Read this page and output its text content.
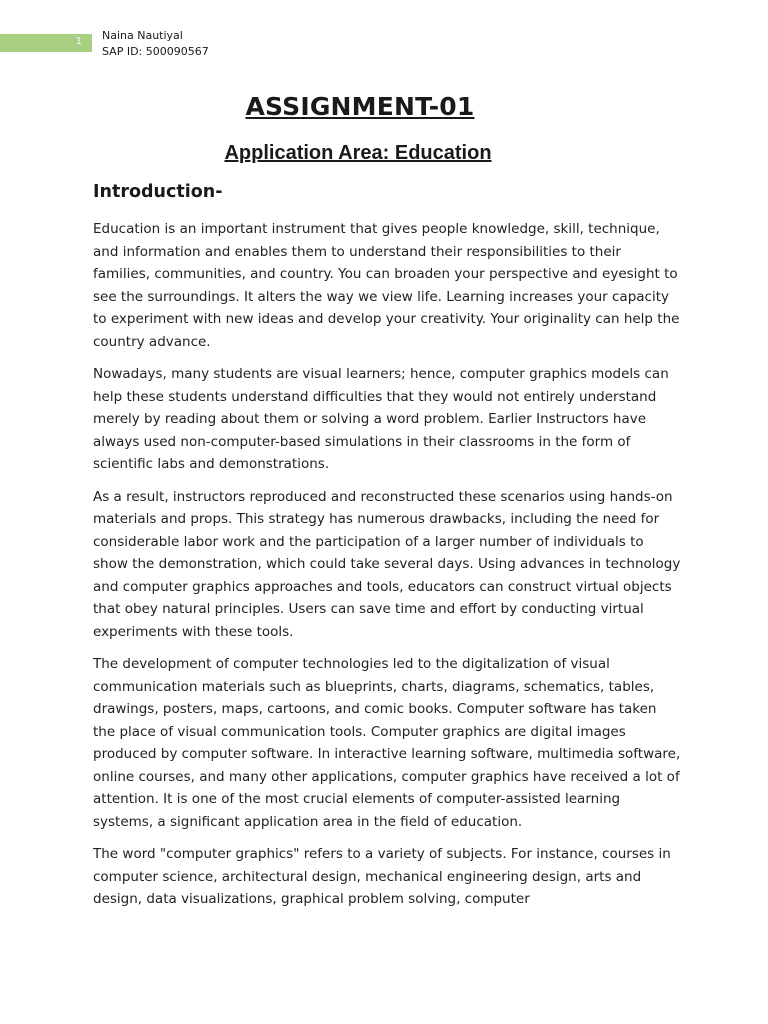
1 Naina Nautiyal
SAP ID: 500090567
ASSIGNMENT-01
Application Area: Education
Introduction-

Education is an important instrument that gives people knowledge, skill, technique, and information and enables them to understand their responsibilities to their families, communities, and country. You can broaden your perspective and eyesight to see the surroundings. It alters the way we view life. Learning increases your capacity to experiment with new ideas and develop your creativity. Your originality can help the country advance.

Nowadays, many students are visual learners; hence, computer graphics models can help these students understand difficulties that they would not entirely understand merely by reading about them or solving a word problem. Earlier Instructors have always used non-computer-based simulations in their classrooms in the form of scientific labs and demonstrations.

As a result, instructors reproduced and reconstructed these scenarios using hands-on materials and props. This strategy has numerous drawbacks, including the need for considerable labor work and the participation of a larger number of individuals to show the demonstration, which could take several days. Using advances in technology and computer graphics approaches and tools, educators can construct virtual objects that obey natural principles. Users can save time and effort by conducting virtual experiments with these tools.

The development of computer technologies led to the digitalization of visual communication materials such as blueprints, charts, diagrams, schematics, tables, drawings, posters, maps, cartoons, and comic books. Computer software has taken the place of visual communication tools. Computer graphics are digital images produced by computer software. In interactive learning software, multimedia software, online courses, and many other applications, computer graphics have received a lot of attention. It is one of the most crucial elements of computer-assisted learning systems, a significant application area in the field of education.

The word "computer graphics" refers to a variety of subjects. For instance, courses in computer science, architectural design, mechanical engineering design, arts and design, data visualizations, graphical problem solving, computer
